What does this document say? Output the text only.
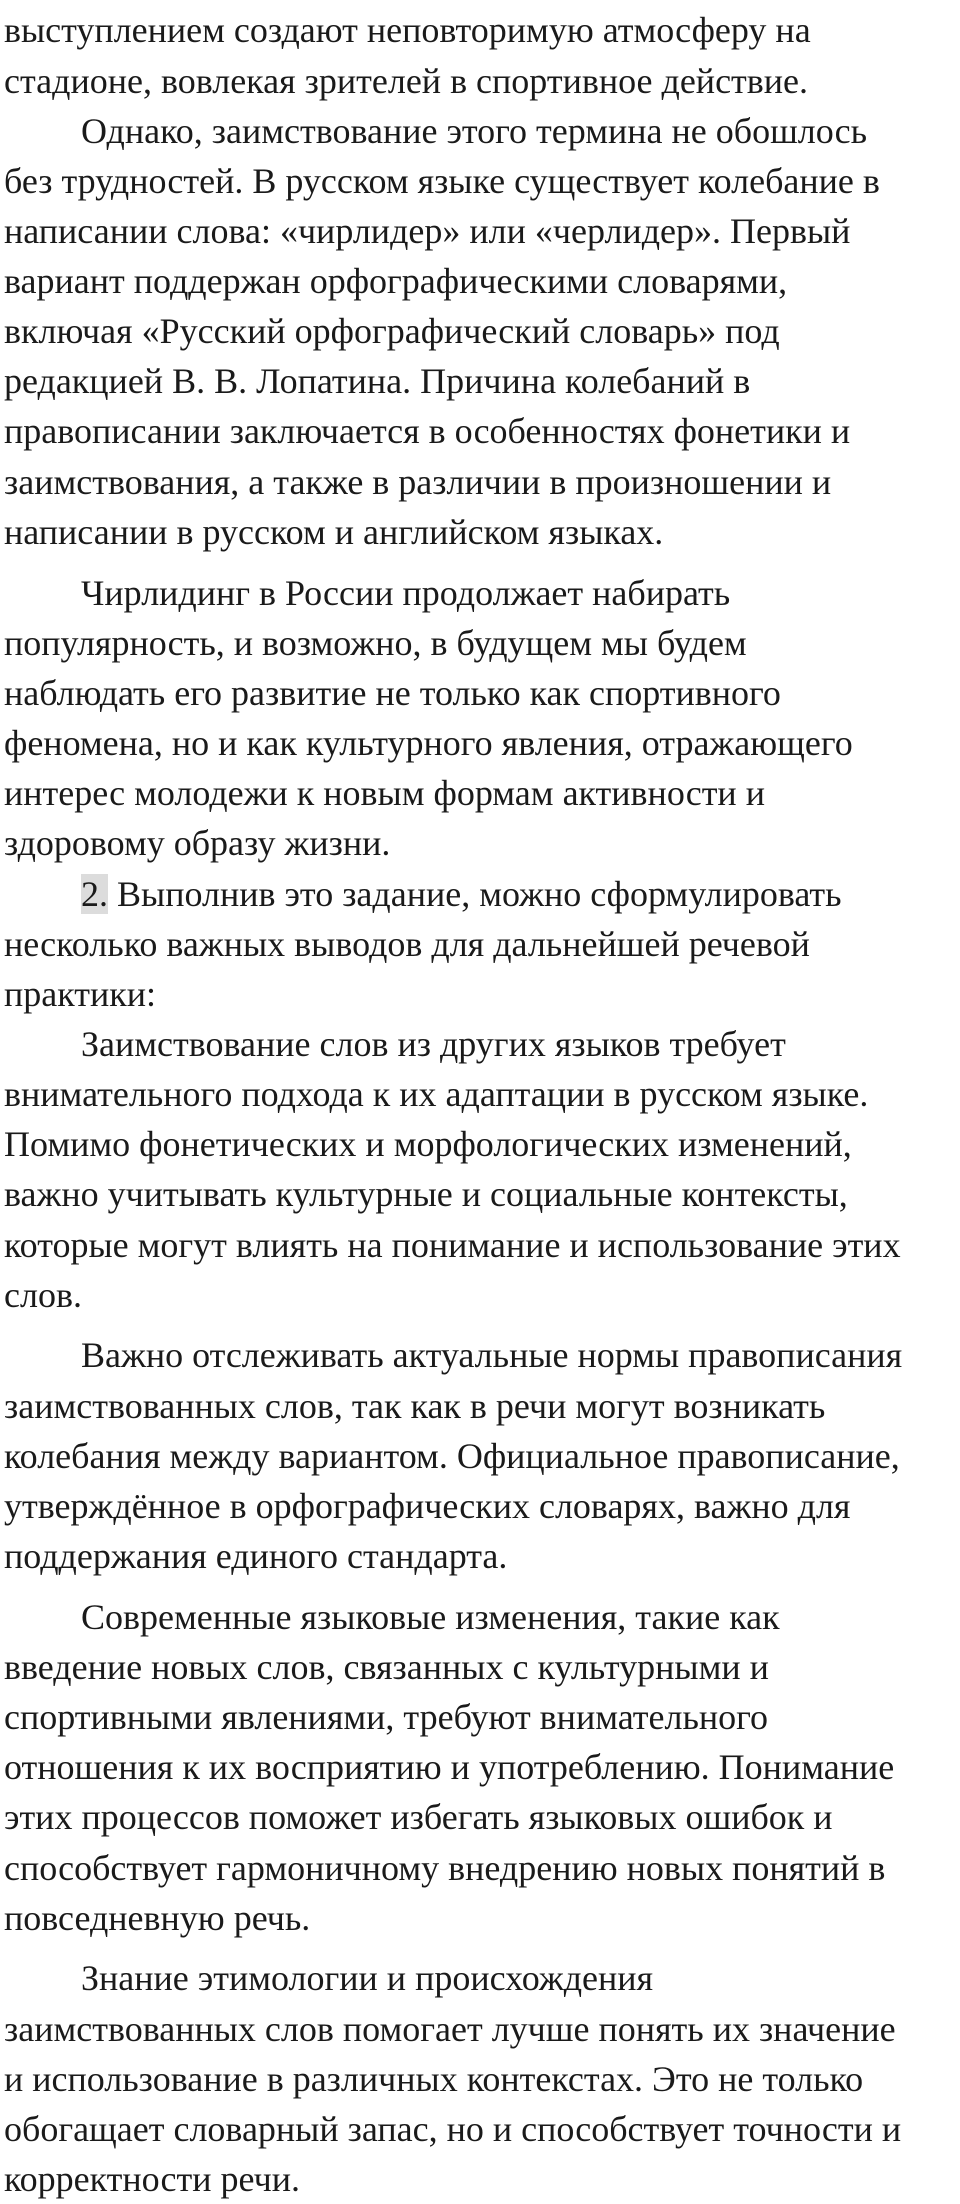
выступлением создают неповторимую атмосферу на
стадионе, вовлекая зрителей в спортивное действие.
Однако, заимствование этого термина не обошлось
без трудностей. В русском языке существует колебание в
написании слова: «чирлидер» или «черлидер». Первый
вариант поддержан орфографическими словарями,
включая «Русский орфографический словарь» под
редакцией В. В. Лопатина. Причина колебаний в
правописании заключается в особенностях фонетики и
заимствования, а также в различии в произношении и
написании в русском и английском языках.
Чирлидинг в России продолжает набирать
популярность, и возможно, в будущем мы будем
наблюдать его развитие не только как спортивного
феномена, но и как культурного явления, отражающего
интерес молодежи к новым формам активности и
здоровому образу жизни.
2. Выполнив это задание, можно сформулировать
несколько важных выводов для дальнейшей речевой
практики:
Заимствование слов из других языков требует
внимательного подхода к их адаптации в русском языке.
Помимо фонетических и морфологических изменений,
важно учитывать культурные и социальные контексты,
которые могут влиять на понимание и использование этих
слов.
Важно отслеживать актуальные нормы правописания
заимствованных слов, так как в речи могут возникать
колебания между вариантом. Официальное правописание,
утверждённое в орфографических словарях, важно для
поддержания единого стандарта.
Современные языковые изменения, такие как
введение новых слов, связанных с культурными и
спортивными явлениями, требуют внимательного
отношения к их восприятию и употреблению. Понимание
этих процессов поможет избегать языковых ошибок и
способствует гармоничному внедрению новых понятий в
повседневную речь.
Знание этимологии и происхождения
заимствованных слов помогает лучше понять их значение
и использование в различных контекстах. Это не только
обогащает словарный запас, но и способствует точности и
корректности речи.
